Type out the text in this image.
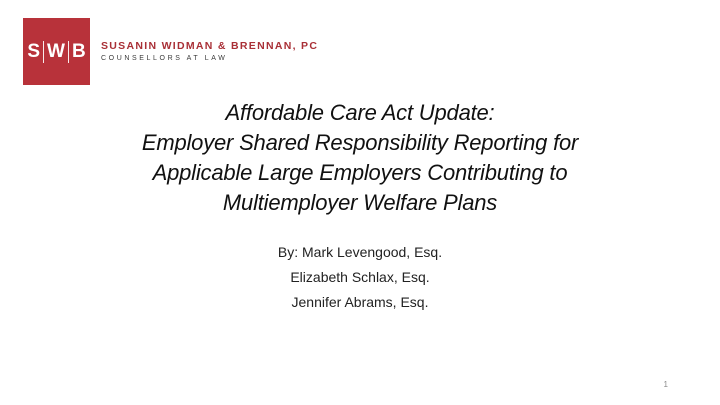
S W B SUSANIN WIDMAN & BRENNAN, PC
COUNSELLORS AT LAW
Affordable Care Act Update:
Employer Shared Responsibility Reporting for
Applicable Large Employers Contributing to
Multiemployer Welfare Plans
By: Mark Levengood, Esq.
Elizabeth Schlax, Esq.
Jennifer Abrams, Esq.
1
